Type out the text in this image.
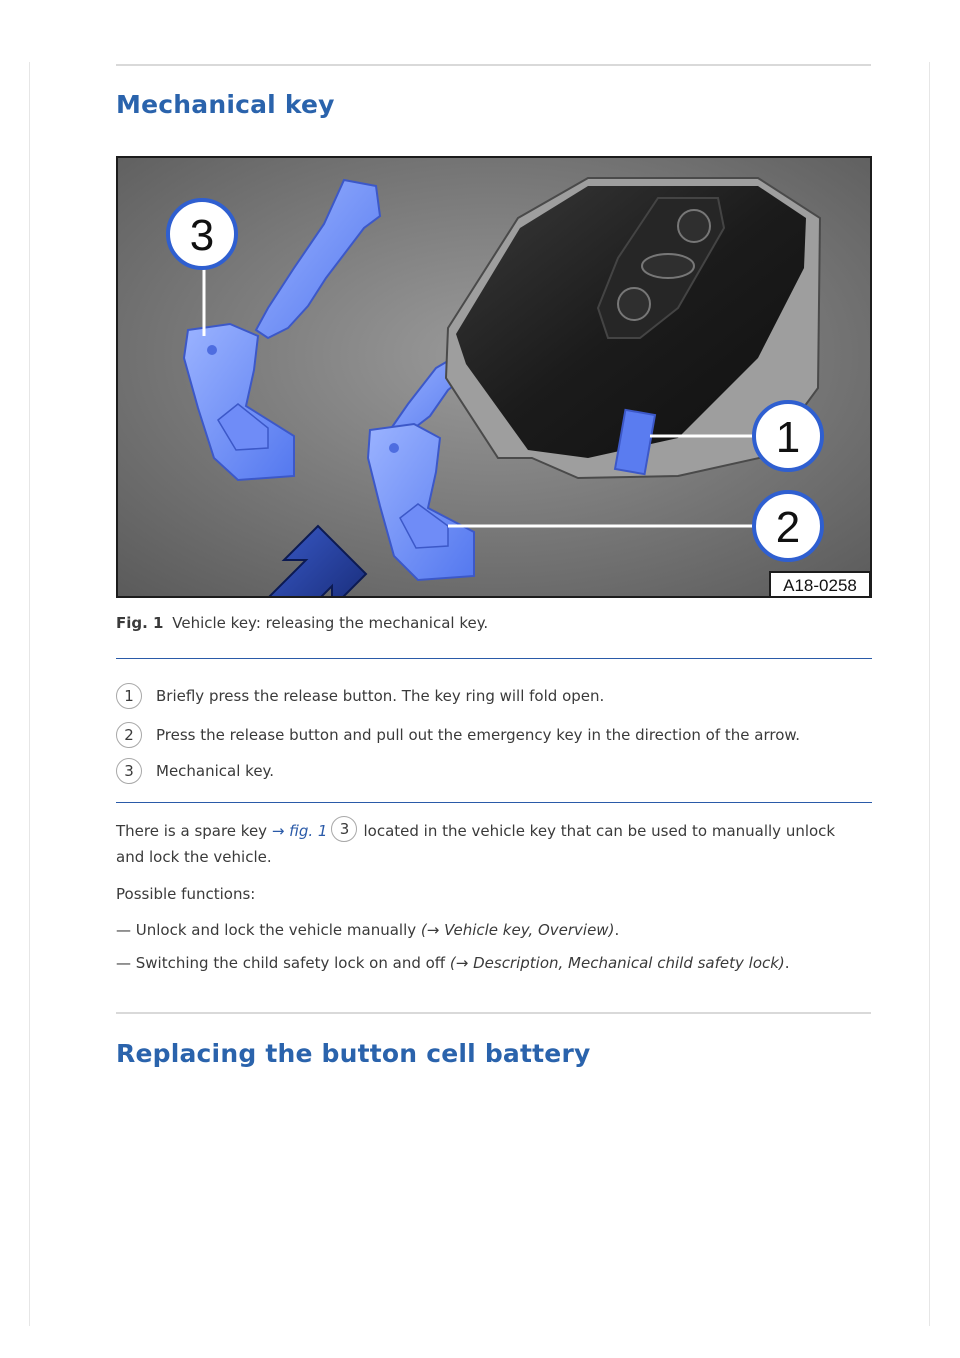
Mechanical key
1
2
3
A18-0258
Fig. 1 Vehicle key: releasing the mechanical key.
1	Briefly press the release button. The key ring will fold open.
2	Press the release button and pull out the emergency key in the direction of the arrow.
3	Mechanical key.
There is a spare key → fig. 1 3 located in the vehicle key that can be used to manually unlock
and lock the vehicle.
Possible functions:
— Unlock and lock the vehicle manually (→ Vehicle key, Overview).
— Switching the child safety lock on and off (→ Description, Mechanical child safety lock).
Replacing the button cell battery
